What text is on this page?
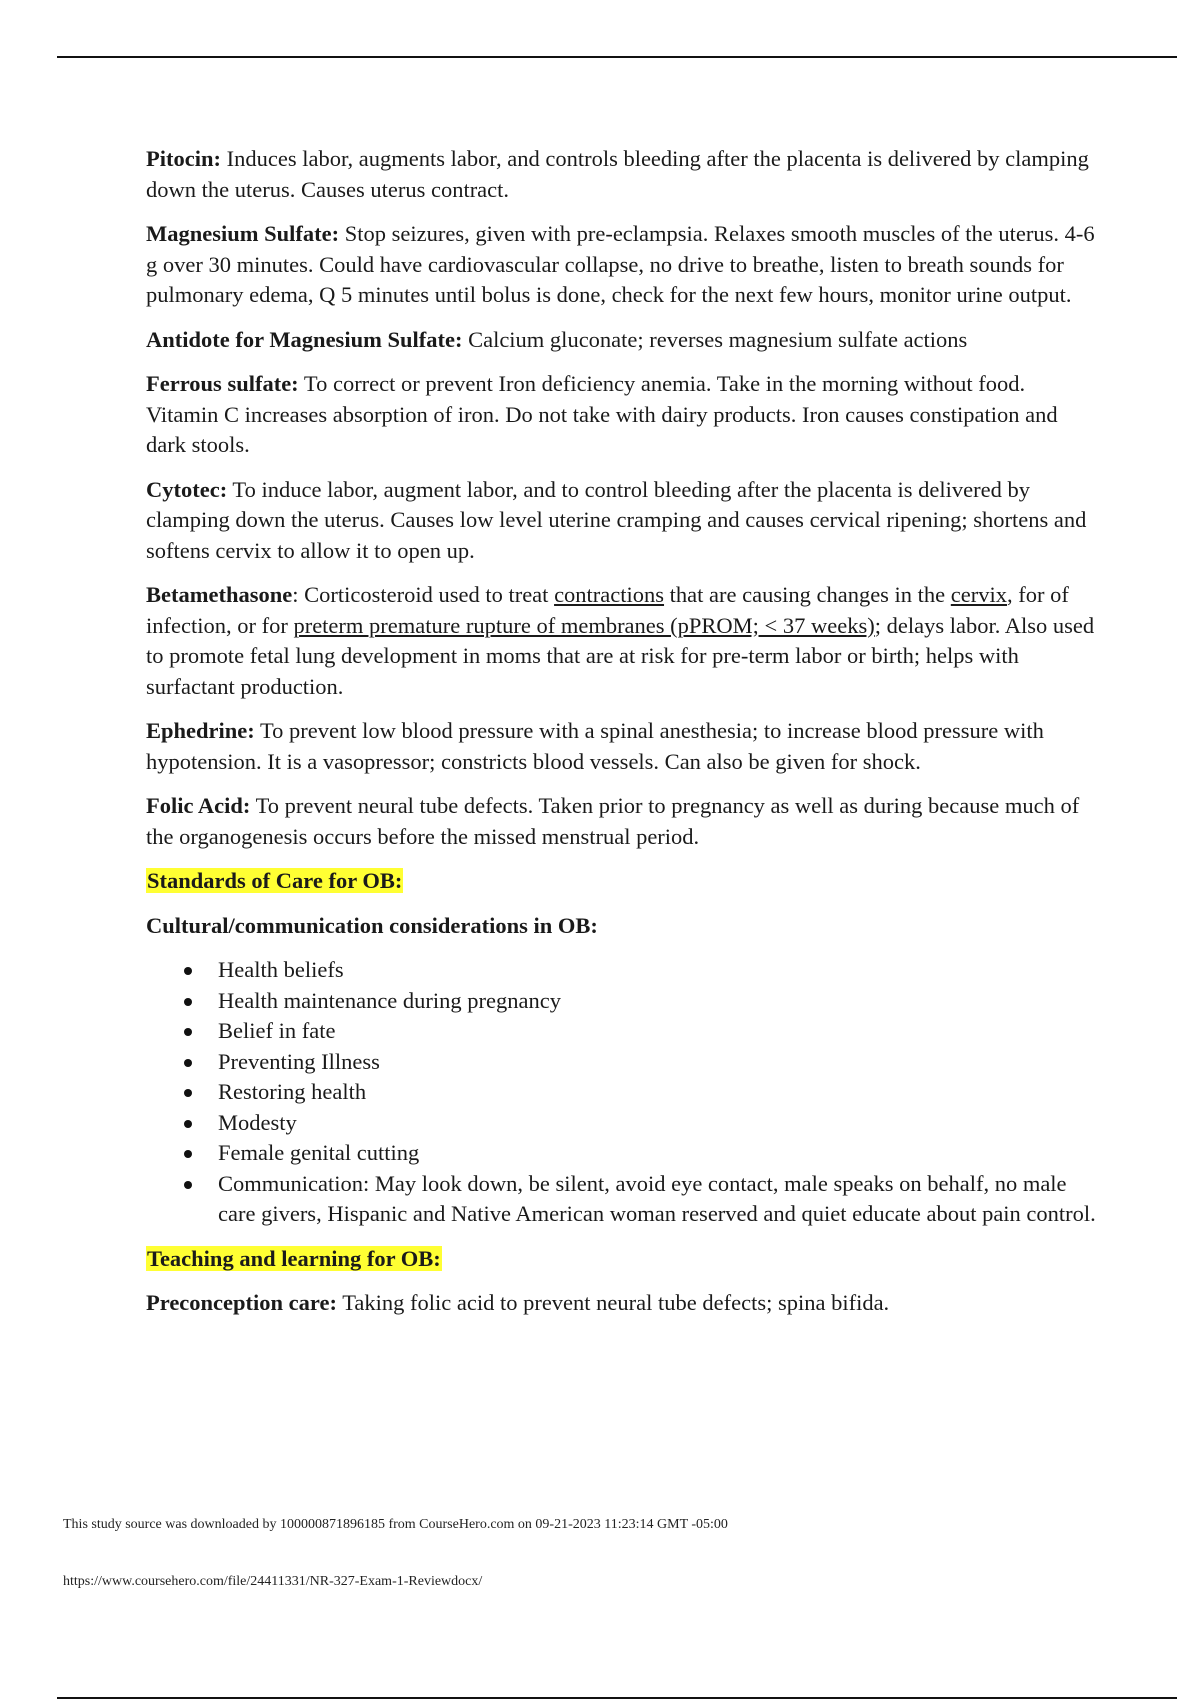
Pitocin: Induces labor, augments labor, and controls bleeding after the placenta is delivered by clamping down the uterus. Causes uterus contract.

Magnesium Sulfate: Stop seizures, given with pre-eclampsia. Relaxes smooth muscles of the uterus. 4-6 g over 30 minutes. Could have cardiovascular collapse, no drive to breathe, listen to breath sounds for pulmonary edema, Q 5 minutes until bolus is done, check for the next few hours, monitor urine output.

Antidote for Magnesium Sulfate: Calcium gluconate; reverses magnesium sulfate actions

Ferrous sulfate: To correct or prevent Iron deficiency anemia. Take in the morning without food. Vitamin C increases absorption of iron. Do not take with dairy products. Iron causes constipation and dark stools.

Cytotec: To induce labor, augment labor, and to control bleeding after the placenta is delivered by clamping down the uterus. Causes low level uterine cramping and causes cervical ripening; shortens and softens cervix to allow it to open up.

Betamethasone: Corticosteroid used to treat contractions that are causing changes in the cervix, for of infection, or for preterm premature rupture of membranes (pPROM; < 37 weeks); delays labor. Also used to promote fetal lung development in moms that are at risk for pre-term labor or birth; helps with surfactant production.

Ephedrine: To prevent low blood pressure with a spinal anesthesia; to increase blood pressure with hypotension. It is a vasopressor; constricts blood vessels. Can also be given for shock.

Folic Acid: To prevent neural tube defects. Taken prior to pregnancy as well as during because much of the organogenesis occurs before the missed menstrual period.

Standards of Care for OB:

Cultural/communication considerations in OB:

Health beliefs
Health maintenance during pregnancy
Belief in fate
Preventing Illness
Restoring health
Modesty
Female genital cutting
Communication: May look down, be silent, avoid eye contact, male speaks on behalf, no male care givers, Hispanic and Native American woman reserved and quiet educate about pain control.

Teaching and learning for OB:

Preconception care: Taking folic acid to prevent neural tube defects; spina bifida.

This study source was downloaded by 100000871896185 from CourseHero.com on 09-21-2023 11:23:14 GMT -05:00
https://www.coursehero.com/file/24411331/NR-327-Exam-1-Reviewdocx/
